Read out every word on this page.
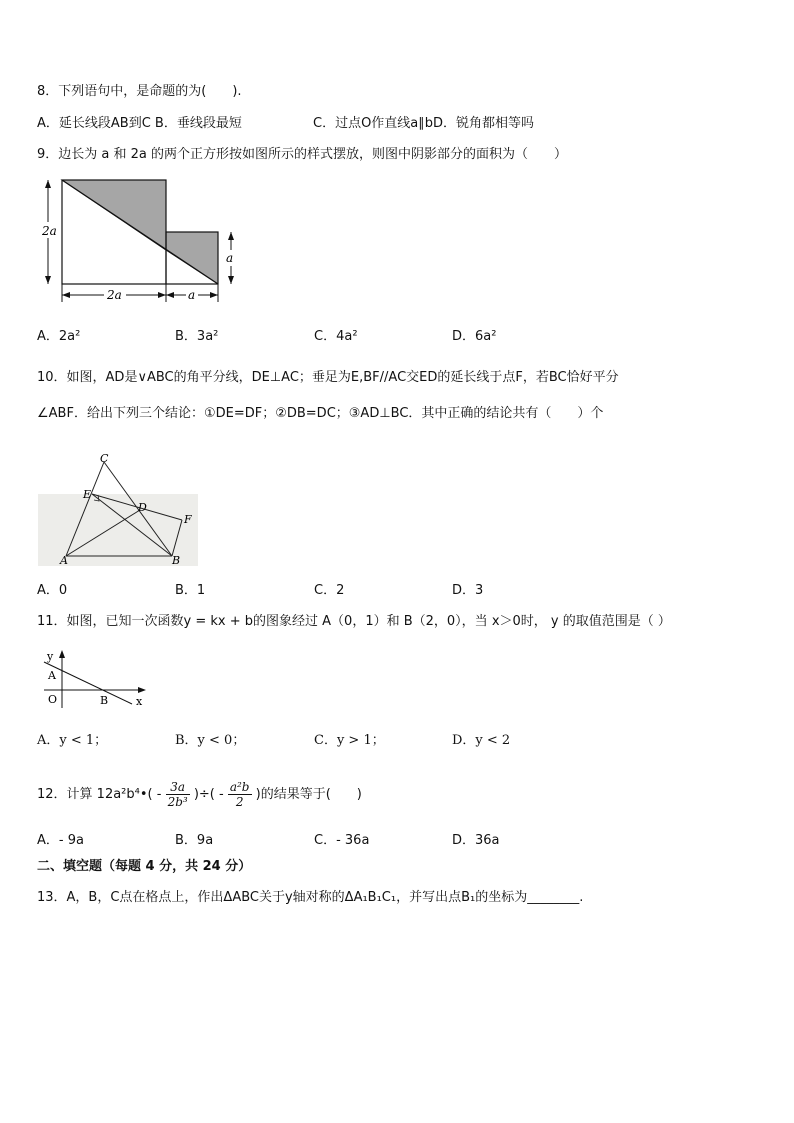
8．下列语句中，是命题的为(　　).
A．延长线段AB到C B．垂线段最短	C．过点O作直线a∥bD．锐角都相等吗
9．边长为 a 和 2a 的两个正方形按如图所示的样式摆放，则图中阴影部分的面积为（　　）
2a
a
2a	a
A．2a²	B．3a²	C．4a²	D．6a²
10．如图，AD是∨ABC的角平分线，DE⊥AC；垂足为E,BF//AC交ED的延长线于点F，若BC恰好平分
∠ABF．给出下列三个结论：①DE=DF；②DB=DC；③AD⊥BC．其中正确的结论共有（　　）个
C
E
D
F
A	B
A．0	B．1	C．2	D．3
11．如图，已知一次函数y = kx + b的图象经过 A（0，1）和 B（2，0），当 x＞0时， y 的取值范围是（ ）
y
A
O	B	x
A．y < 1；	B．y < 0；	C．y > 1；	D．y < 2
12．计算 12a²b⁴•( - $\frac{3a}{\text{2b³}}$ )÷( - $\frac{\text{a²b}}{2}$ )的结果等于(　　)
A．- 9a	B．9a	C．- 36a	D．36a
二、填空题（每题 4 分，共 24 分）
13．A，B，C点在格点上，作出ΔABC关于y轴对称的ΔA₁B₁C₁，并写出点B₁的坐标为________.
